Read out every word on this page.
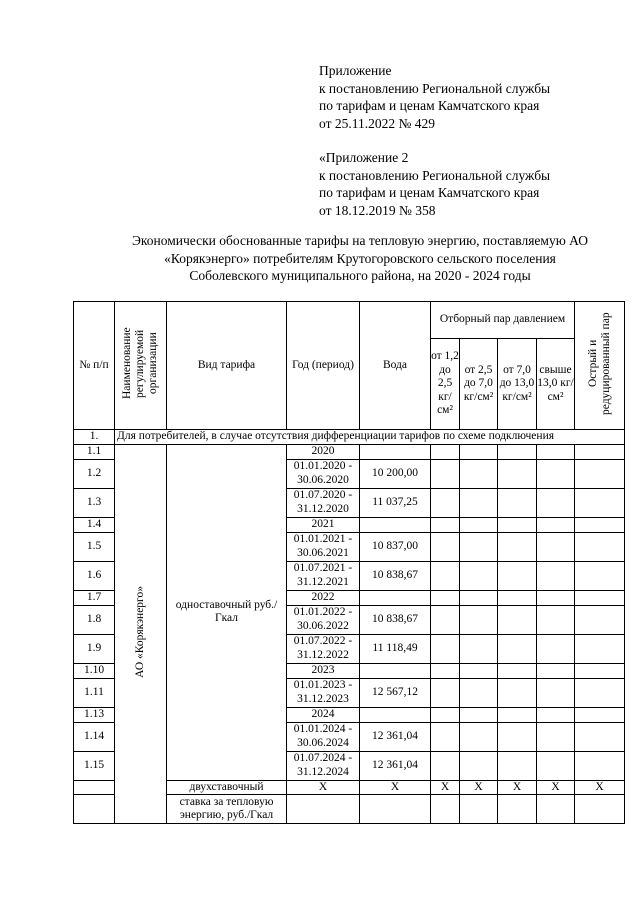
Приложение
к постановлению Региональной службы
по тарифам и ценам Камчатского края
от 25.11.2022 № 429
«Приложение 2
к постановлению Региональной службы
по тарифам и ценам Камчатского края
от 18.12.2019 № 358
Экономически обоснованные тарифы на тепловую энергию, поставляемую АО
«Корякэнерго» потребителям Крутогоровского сельского поселения
Соболевского муниципального района, на 2020 - 2024 годы
№ п/п	Наименование регулируемой организации	Вид тарифа	Год (период)	Вода	Отборный пар давлением				Острый и редуцированный пар
					от 1,2 до 2,5 кг/см²	от 2,5 до 7,0 кг/см²	от 7,0 до 13,0 кг/см²	свыше 13,0 кг/см²	
1.	Для потребителей, в случае отсутствия дифференциации тарифов по схеме подключения								
1.1	АО «Корякэнерго»	одноставочный руб./Гкал	2020						
1.2			01.01.2020 - 30.06.2020	10 200,00					
1.3			01.07.2020 - 31.12.2020	11 037,25					
1.4			2021						
1.5			01.01.2021 - 30.06.2021	10 837,00					
1.6			01.07.2021 - 31.12.2021	10 838,67					
1.7			2022						
1.8			01.01.2022 - 30.06.2022	10 838,67					
1.9			01.07.2022 - 31.12.2022	11 118,49					
1.10			2023						
1.11			01.01.2023 - 31.12.2023	12 567,12					
1.13			2024						
1.14			01.01.2024 - 30.06.2024	12 361,04					
1.15			01.07.2024 - 31.12.2024	12 361,04					
		двухставочный	X	X	X	X	X	X	X
		ставка за тепловую энергию, руб./Гкал							
